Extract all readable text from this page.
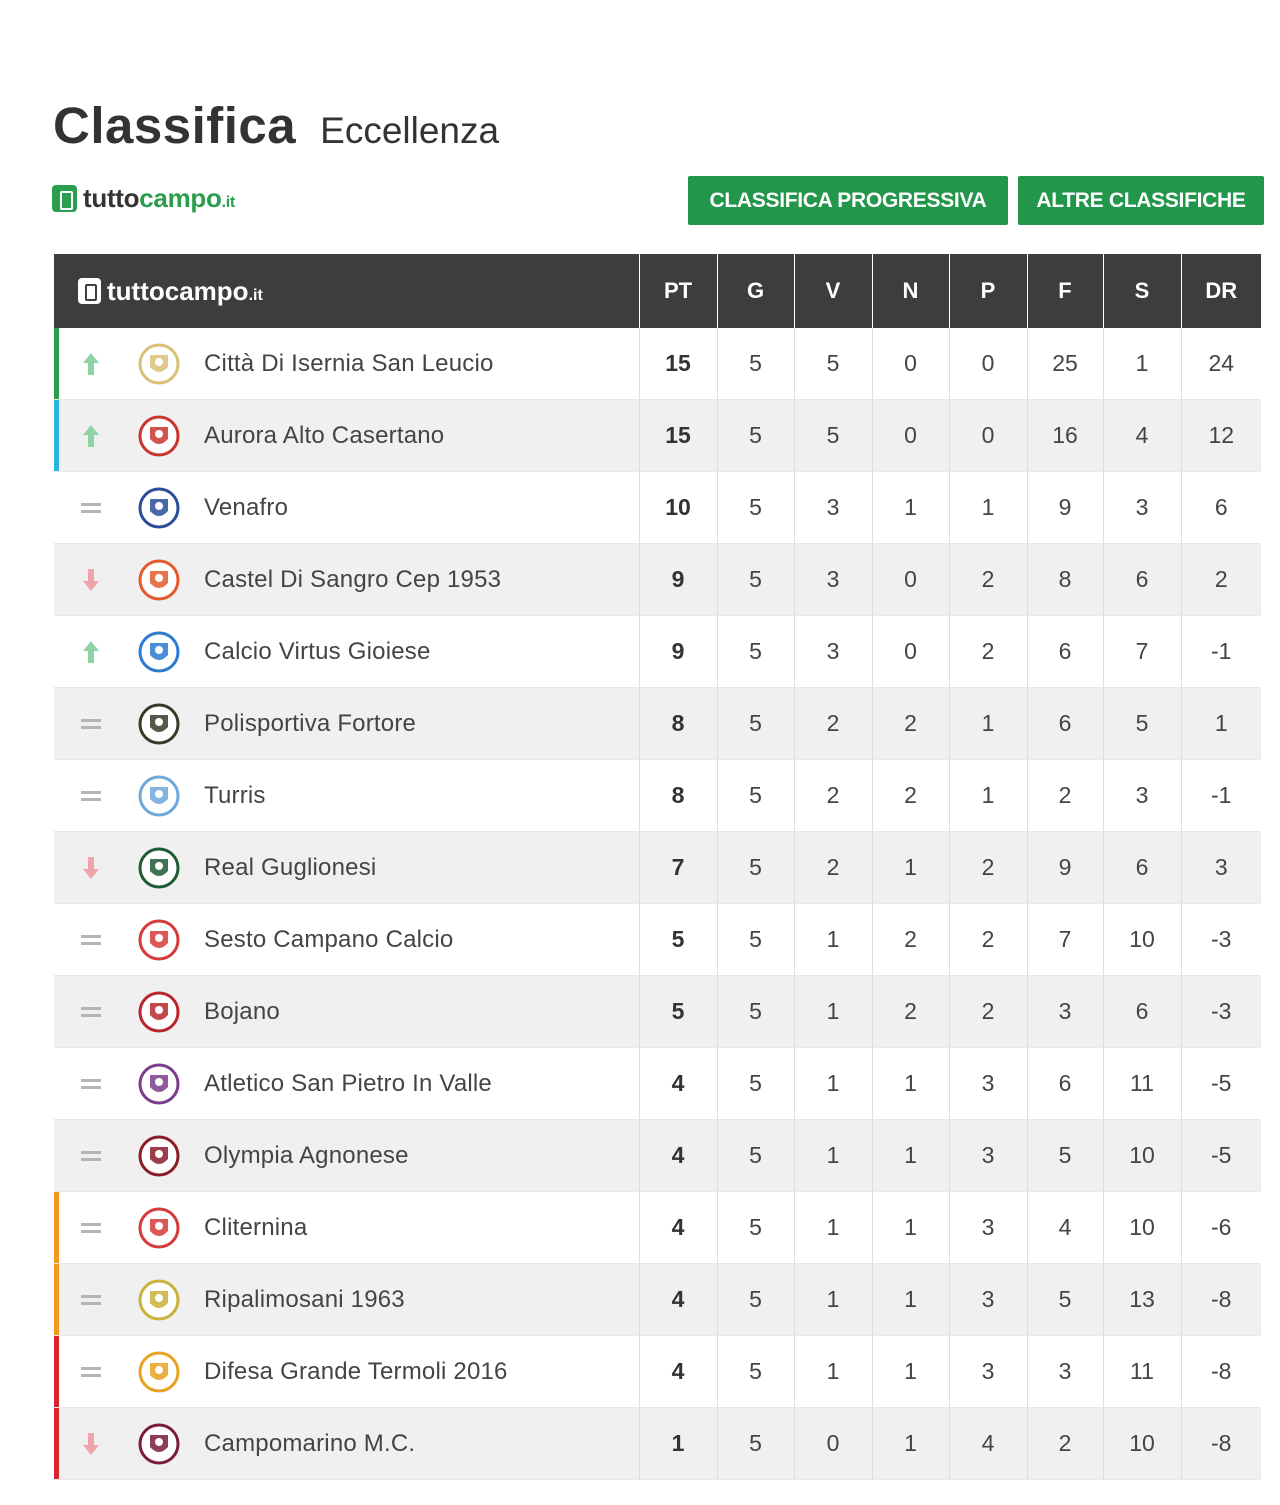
Classifica Eccellenza
tuttocampo.it	CLASSIFICA PROGRESSIVA	ALTRE CLASSIFICHE
tuttocampo.it	PT	G	V	N	P	F	S	DR

Città Di Isernia San Leucio	15	5	5	0	0	25	1	24

Aurora Alto Casertano	15	5	5	0	0	16	4	12

Venafro	10	5	3	1	1	9	3	6

Castel Di Sangro Cep 1953	9	5	3	0	2	8	6	2

Calcio Virtus Gioiese	9	5	3	0	2	6	7	-1

Polisportiva Fortore	8	5	2	2	1	6	5	1

Turris	8	5	2	2	1	2	3	-1

Real Guglionesi	7	5	2	1	2	9	6	3

Sesto Campano Calcio	5	5	1	2	2	7	10	-3

Bojano	5	5	1	2	2	3	6	-3

Atletico San Pietro In Valle	4	5	1	1	3	6	11	-5

Olympia Agnonese	4	5	1	1	3	5	10	-5

Cliternina	4	5	1	1	3	4	10	-6

Ripalimosani 1963	4	5	1	1	3	5	13	-8

Difesa Grande Termoli 2016	4	5	1	1	3	3	11	-8

Campomarino M.C.	1	5	0	1	4	2	10	-8
